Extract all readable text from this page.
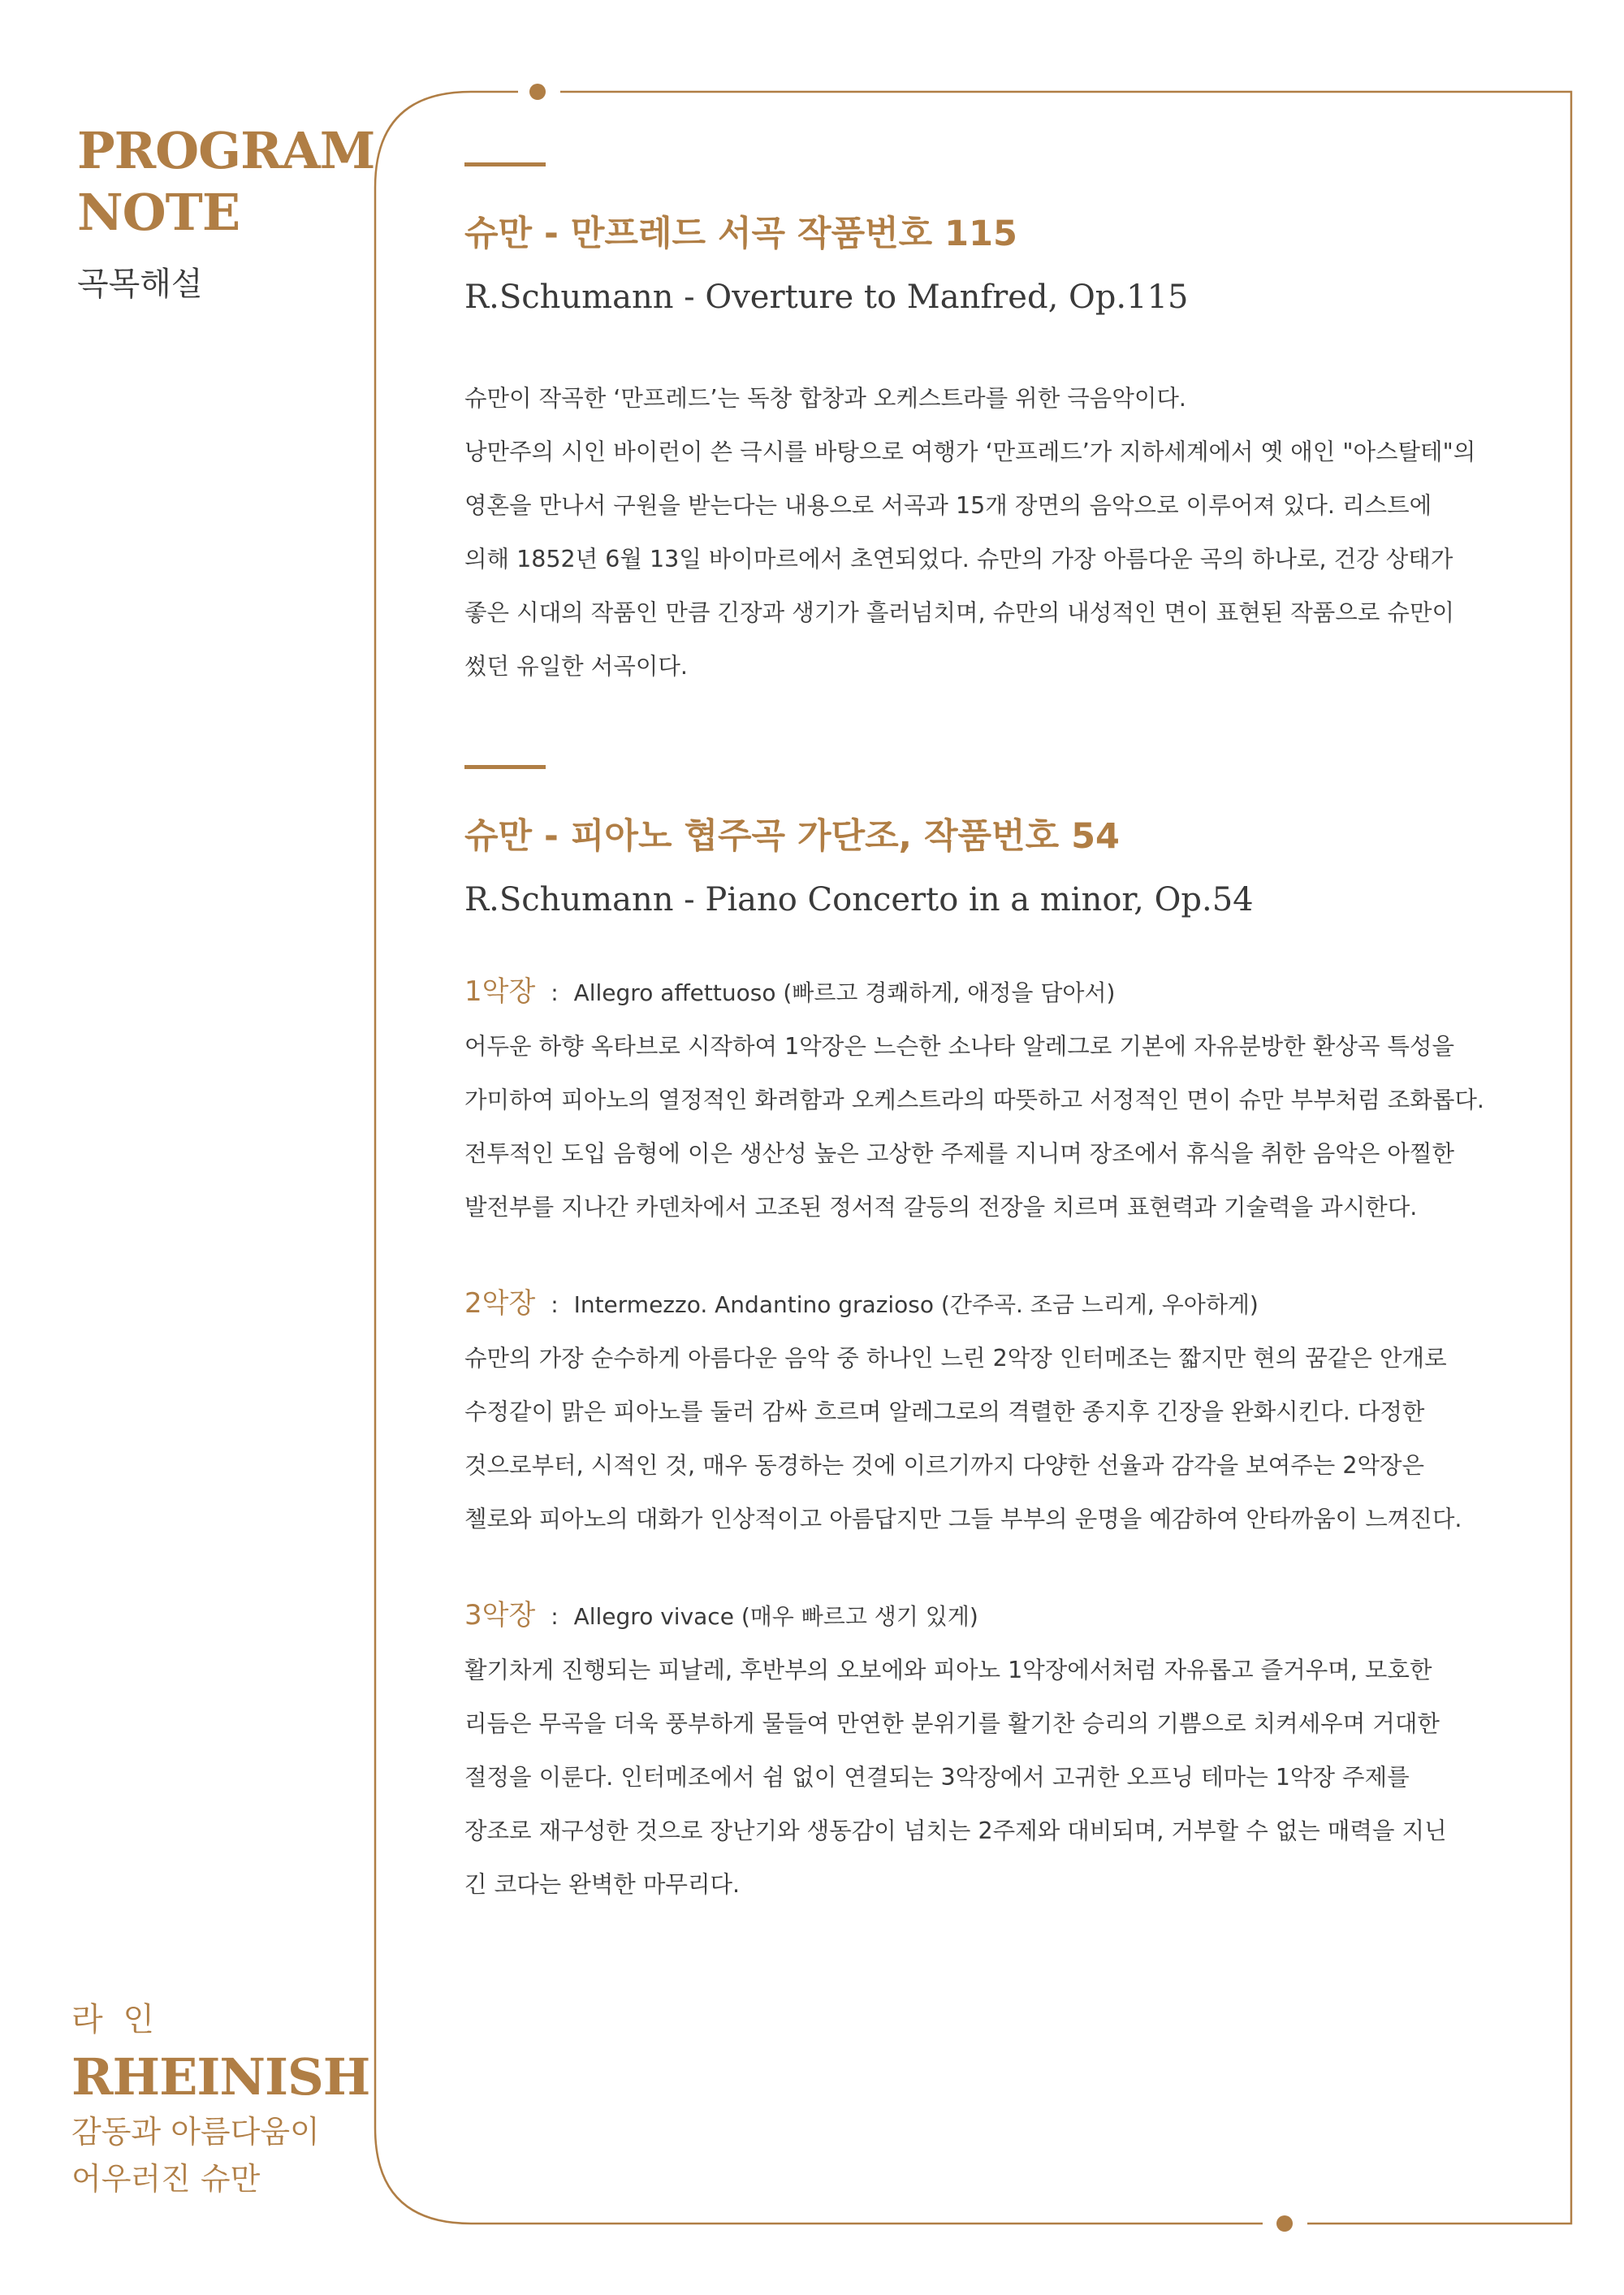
PROGRAM
NOTE
곡목해설
라 인
RHEINISH
감동과 아름다움이
어우러진 슈만
슈만 - 만프레드 서곡 작품번호 115
R.Schumann - Overture to Manfred, Op.115

슈만이 작곡한 ‘만프레드’는 독창 합창과 오케스트라를 위한 극음악이다.

낭만주의 시인 바이런이 쓴 극시를 바탕으로 여행가 ‘만프레드’가 지하세계에서 옛 애인 "아스탈테"의

영혼을 만나서 구원을 받는다는 내용으로 서곡과 15개 장면의 음악으로 이루어져 있다. 리스트에

의해 1852년 6월 13일 바이마르에서 초연되었다. 슈만의 가장 아름다운 곡의 하나로, 건강 상태가

좋은 시대의 작품인 만큼 긴장과 생기가 흘러넘치며, 슈만의 내성적인 면이 표현된 작품으로 슈만이

썼던 유일한 서곡이다.

슈만 - 피아노 협주곡 가단조, 작품번호 54
R.Schumann - Piano Concerto in a minor, Op.54
1악장 : Allegro affettuoso (빠르고 경쾌하게, 애정을 담아서)

어두운 하향 옥타브로 시작하여 1악장은 느슨한 소나타 알레그로 기본에 자유분방한 환상곡 특성을

가미하여 피아노의 열정적인 화려함과 오케스트라의 따뜻하고 서정적인 면이 슈만 부부처럼 조화롭다.

전투적인 도입 음형에 이은 생산성 높은 고상한 주제를 지니며 장조에서 휴식을 취한 음악은 아찔한

발전부를 지나간 카덴차에서 고조된 정서적 갈등의 전장을 치르며 표현력과 기술력을 과시한다.

2악장 : Intermezzo. Andantino grazioso (간주곡. 조금 느리게, 우아하게)

슈만의 가장 순수하게 아름다운 음악 중 하나인 느린 2악장 인터메조는 짧지만 현의 꿈같은 안개로

수정같이 맑은 피아노를 둘러 감싸 흐르며 알레그로의 격렬한 종지후 긴장을 완화시킨다. 다정한

것으로부터, 시적인 것, 매우 동경하는 것에 이르기까지 다양한 선율과 감각을 보여주는 2악장은

첼로와 피아노의 대화가 인상적이고 아름답지만 그들 부부의 운명을 예감하여 안타까움이 느껴진다.

3악장 : Allegro vivace (매우 빠르고 생기 있게)

활기차게 진행되는 피날레, 후반부의 오보에와 피아노 1악장에서처럼 자유롭고 즐거우며, 모호한

리듬은 무곡을 더욱 풍부하게 물들여 만연한 분위기를 활기찬 승리의 기쁨으로 치켜세우며 거대한

절정을 이룬다. 인터메조에서 쉼 없이 연결되는 3악장에서 고귀한 오프닝 테마는 1악장 주제를

장조로 재구성한 것으로 장난기와 생동감이 넘치는 2주제와 대비되며, 거부할 수 없는 매력을 지닌

긴 코다는 완벽한 마무리다.
